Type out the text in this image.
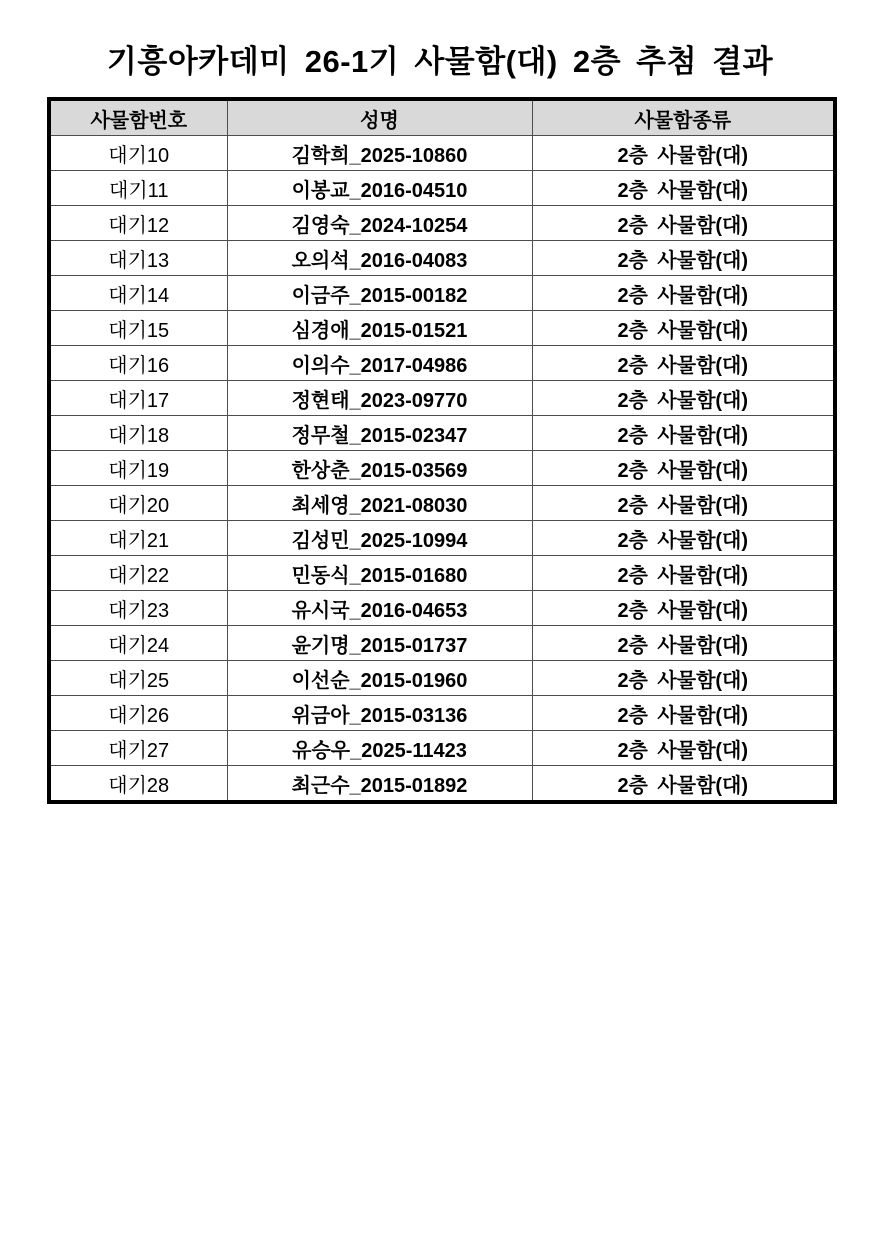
기흥아카데미 26-1기 사물함(대) 2층 추첨 결과
사물함번호	성명	사물함종류
대기10	김학희_2025-10860	2층 사물함(대)
대기11	이봉교_2016-04510	2층 사물함(대)
대기12	김영숙_2024-10254	2층 사물함(대)
대기13	오의석_2016-04083	2층 사물함(대)
대기14	이금주_2015-00182	2층 사물함(대)
대기15	심경애_2015-01521	2층 사물함(대)
대기16	이의수_2017-04986	2층 사물함(대)
대기17	정현태_2023-09770	2층 사물함(대)
대기18	정무철_2015-02347	2층 사물함(대)
대기19	한상춘_2015-03569	2층 사물함(대)
대기20	최세영_2021-08030	2층 사물함(대)
대기21	김성민_2025-10994	2층 사물함(대)
대기22	민동식_2015-01680	2층 사물함(대)
대기23	유시국_2016-04653	2층 사물함(대)
대기24	윤기명_2015-01737	2층 사물함(대)
대기25	이선순_2015-01960	2층 사물함(대)
대기26	위금아_2015-03136	2층 사물함(대)
대기27	유승우_2025-11423	2층 사물함(대)
대기28	최근수_2015-01892	2층 사물함(대)
